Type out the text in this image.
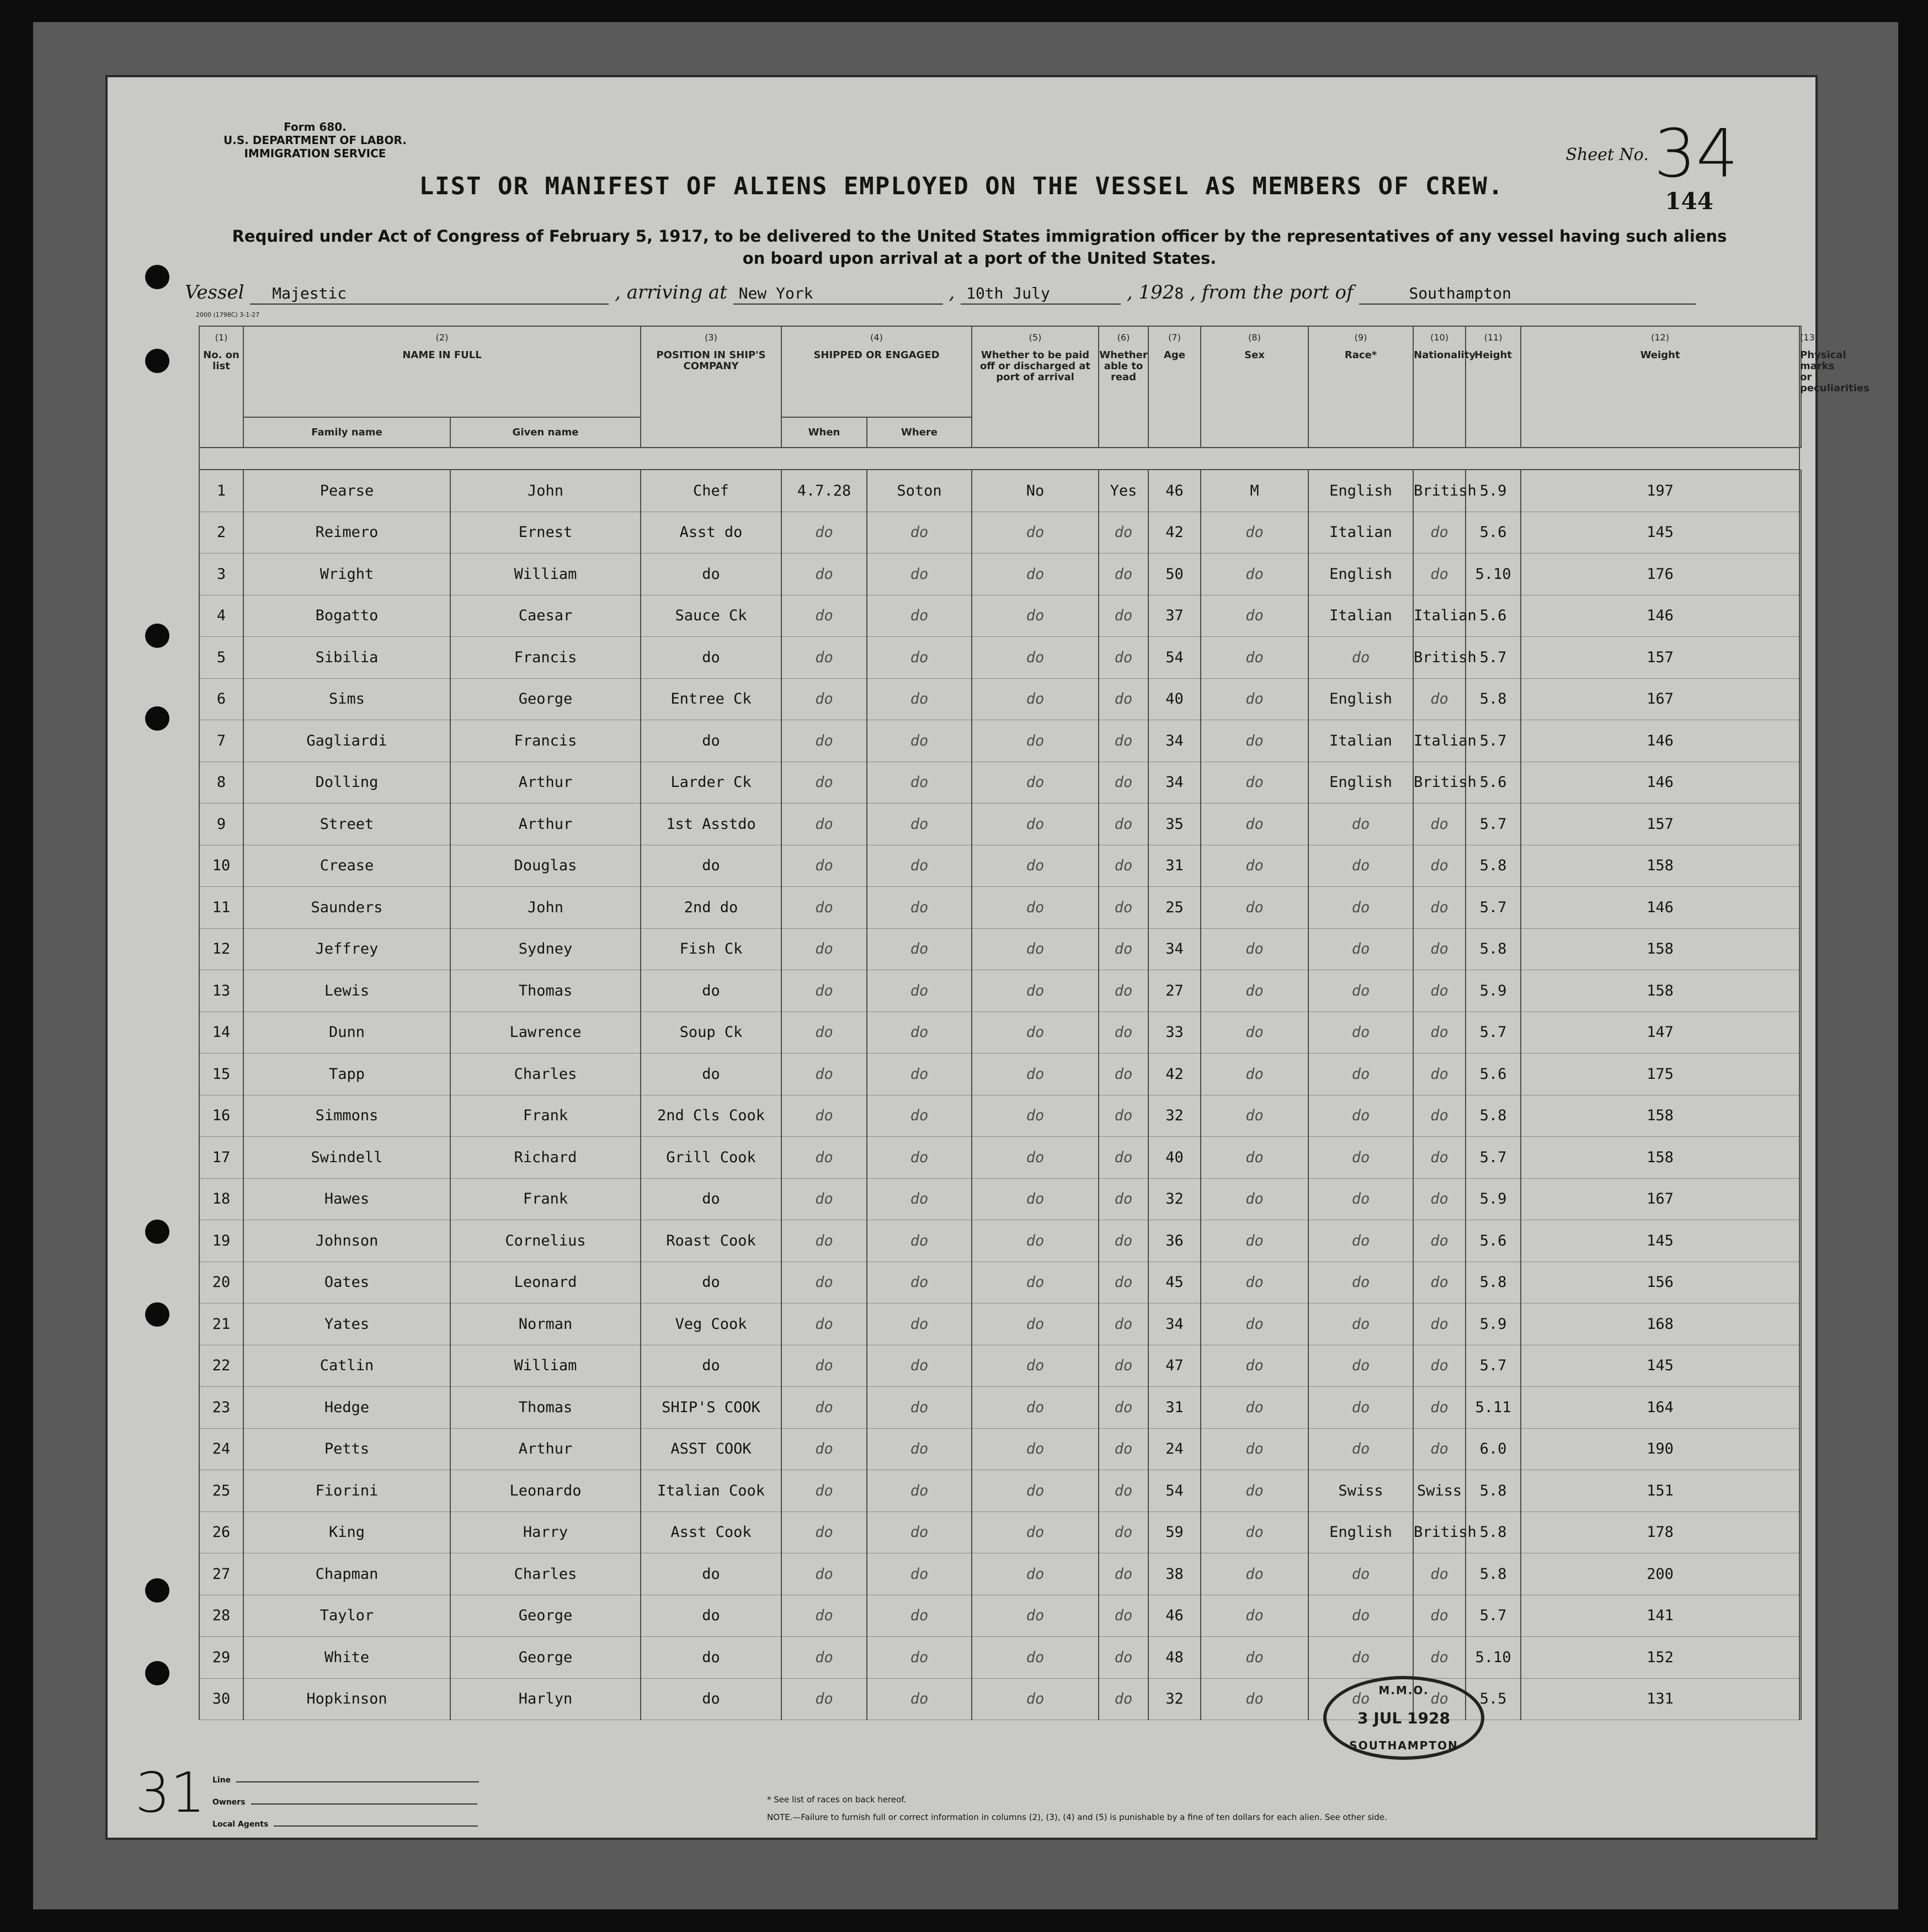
Form 680.
U.S. DEPARTMENT OF LABOR.
IMMIGRATION SERVICE	Sheet No. 34
144
LIST OR MANIFEST OF ALIENS EMPLOYED ON THE VESSEL AS MEMBERS OF CREW.
Required under Act of Congress of February 5, 1917, to be delivered to the United States immigration officer by the representatives of any vessel having such aliens on board upon arrival at a port of the United States.
Vessel Majestic	, arriving at New York	, 10th July	, 1928 , from the port of	Southampton
2000 (1798C) 3-1-27
(1)
No. on list	(2)
NAME IN FULL		(3)
POSITION IN SHIP'S COMPANY	(4)
SHIPPED OR ENGAGED		(5)
Whether to be paid off or discharged at port of arrival	(6)
Whether able to read	(7)
Age	(8)
Sex	(9)
Race*	(10)
Nationality	(11)
Height	(12)
Weight	(13)
Physical marks or peculiarities
	Family name	Given name		When	Where									

1	Pearse	John	Chef	4.7.28	Soton	No	Yes	46	M	English	British	5.9	197	
2	Reimero	Ernest	Asst do	do	do	do	do	42	do	Italian	do	5.6	145	
3	Wright	William	do	do	do	do	do	50	do	English	do	5.10	176	
4	Bogatto	Caesar	Sauce Ck	do	do	do	do	37	do	Italian	Italian	5.6	146	
5	Sibilia	Francis	do	do	do	do	do	54	do	do	British	5.7	157	
6	Sims	George	Entree Ck	do	do	do	do	40	do	English	do	5.8	167	
7	Gagliardi	Francis	do	do	do	do	do	34	do	Italian	Italian	5.7	146	
8	Dolling	Arthur	Larder Ck	do	do	do	do	34	do	English	British	5.6	146	
9	Street	Arthur	1st Asstdo	do	do	do	do	35	do	do	do	5.7	157	
10	Crease	Douglas	do	do	do	do	do	31	do	do	do	5.8	158	
11	Saunders	John	2nd do	do	do	do	do	25	do	do	do	5.7	146	
12	Jeffrey	Sydney	Fish Ck	do	do	do	do	34	do	do	do	5.8	158	
13	Lewis	Thomas	do	do	do	do	do	27	do	do	do	5.9	158	
14	Dunn	Lawrence	Soup Ck	do	do	do	do	33	do	do	do	5.7	147	
15	Tapp	Charles	do	do	do	do	do	42	do	do	do	5.6	175	
16	Simmons	Frank	2nd Cls Cook	do	do	do	do	32	do	do	do	5.8	158	
17	Swindell	Richard	Grill Cook	do	do	do	do	40	do	do	do	5.7	158	
18	Hawes	Frank	do	do	do	do	do	32	do	do	do	5.9	167	
19	Johnson	Cornelius	Roast Cook	do	do	do	do	36	do	do	do	5.6	145	
20	Oates	Leonard	do	do	do	do	do	45	do	do	do	5.8	156	
21	Yates	Norman	Veg Cook	do	do	do	do	34	do	do	do	5.9	168	
22	Catlin	William	do	do	do	do	do	47	do	do	do	5.7	145	
23	Hedge	Thomas	SHIP'S COOK	do	do	do	do	31	do	do	do	5.11	164	
24	Petts	Arthur	ASST COOK	do	do	do	do	24	do	do	do	6.0	190	
25	Fiorini	Leonardo	Italian Cook	do	do	do	do	54	do	Swiss	Swiss	5.8	151	
26	King	Harry	Asst Cook	do	do	do	do	59	do	English	British	5.8	178	
27	Chapman	Charles	do	do	do	do	do	38	do	do	do	5.8	200	
28	Taylor	George	do	do	do	do	do	46	do	do	do	5.7	141	
29	White	George	do	do	do	do	do	48	do	do	do	5.10	152	
30	Hopkinson	Harlyn	do	do	do	do	do	32	do	do	do	5.5	131	
Line
Owners
Local Agents
31	* See list of races on back hereof.
NOTE.—Failure to furnish full or correct information in columns (2), (3), (4) and (5) is punishable by a fine of ten dollars for each alien. See other side.
M.M.O.
3 JUL 1928
SOUTHAMPTON
